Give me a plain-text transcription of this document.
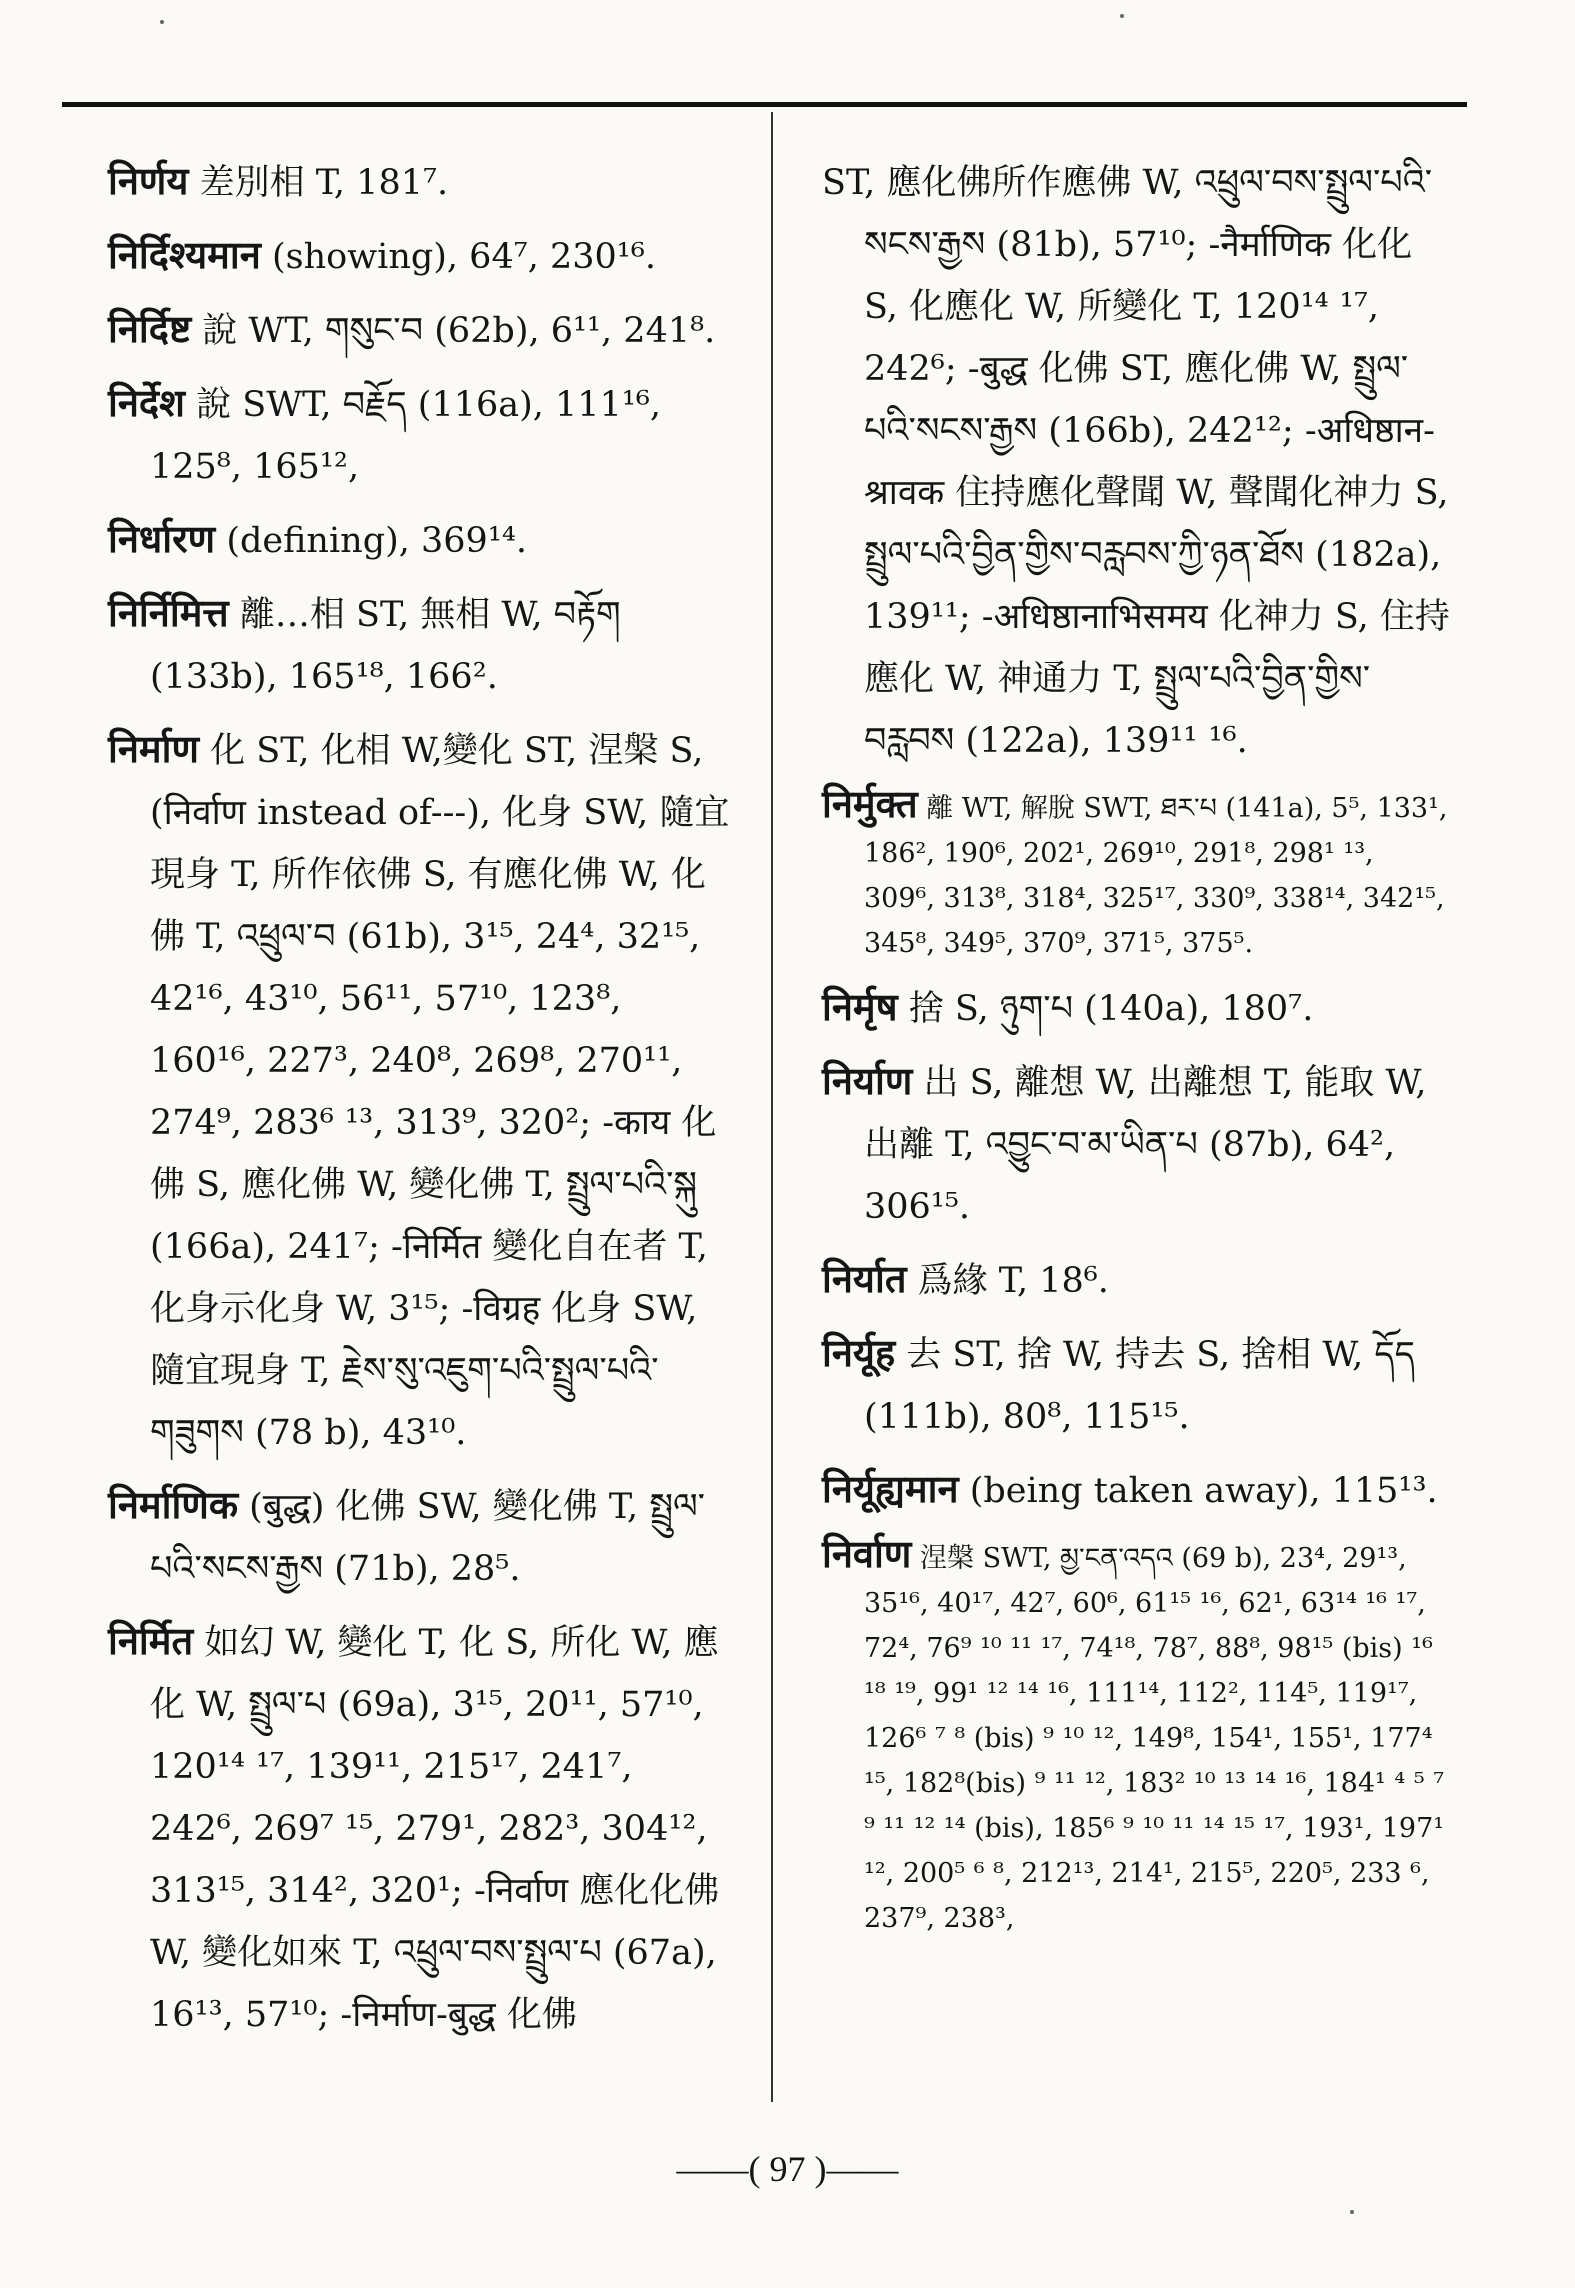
निर्णय 差別相 T, 181⁷.

निर्दिश्यमान (showing), 64⁷, 230¹⁶.

निर्दिष्ट 說 WT, གསུང་བ (62b), 6¹¹, 241⁸.

निर्देश 說 SWT, བརྗོད (116a), 111¹⁶, 125⁸, 165¹²,

निर्धारण (defining), 369¹⁴.

निर्निमित्त 離…相 ST, 無相 W, བརྟོག (133b), 165¹⁸, 166².

निर्माण 化 ST, 化相 W,變化 ST, 涅槃 S, (निर्वाण instead of---), 化身 SW, 隨宜現身 T, 所作依佛 S, 有應化佛 W, 化佛 T, འཕྲུལ་བ (61b), 3¹⁵, 24⁴, 32¹⁵, 42¹⁶, 43¹⁰, 56¹¹, 57¹⁰, 123⁸, 160¹⁶, 227³, 240⁸, 269⁸, 270¹¹, 274⁹, 283⁶ ¹³, 313⁹, 320²; -काय 化佛 S, 應化佛 W, 變化佛 T, སྤྲུལ་པའི་སྐུ (166a), 241⁷; -निर्मित 變化自在者 T, 化身示化身 W, 3¹⁵; -विग्रह 化身 SW, 隨宜現身 T, རྗེས་སུ་འཇུག་པའི་སྤྲུལ་པའི་གཟུགས (78 b), 43¹⁰.

निर्माणिक (बुद्ध) 化佛 SW, 變化佛 T, སྤྲུལ་པའི་སངས་རྒྱས (71b), 28⁵.

निर्मित 如幻 W, 變化 T, 化 S, 所化 W, 應化 W, སྤྲུལ་པ (69a), 3¹⁵, 20¹¹, 57¹⁰, 120¹⁴ ¹⁷, 139¹¹, 215¹⁷, 241⁷, 242⁶, 269⁷ ¹⁵, 279¹, 282³, 304¹², 313¹⁵, 314², 320¹; -निर्वाण 應化化佛 W, 變化如來 T, འཕྲུལ་བས་སྤྲུལ་པ (67a), 16¹³, 57¹⁰; -निर्माण-बुद्ध 化佛

ST, 應化佛所作應佛 W, འཕྲུལ་བས་སྤྲུལ་པའི་སངས་རྒྱས (81b), 57¹⁰; -नैर्माणिक 化化 S, 化應化 W, 所變化 T, 120¹⁴ ¹⁷, 242⁶; -बुद्ध 化佛 ST, 應化佛 W, སྤྲུལ་པའི་སངས་རྒྱས (166b), 242¹²; -अधिष्ठान-श्रावक 住持應化聲聞 W, 聲聞化神力 S, སྤྲུལ་པའི་བྱིན་གྱིས་བརླབས་ཀྱི་ཉན་ཐོས (182a), 139¹¹; -अधिष्ठानाभिसमय 化神力 S, 住持應化 W, 神通力 T, སྤྲུལ་པའི་བྱིན་གྱིས་བརླབས (122a), 139¹¹ ¹⁶.

निर्मुक्त 離 WT, 解脫 SWT, ཐར་པ (141a), 5⁵, 133¹, 186², 190⁶, 202¹, 269¹⁰, 291⁸, 298¹ ¹³, 309⁶, 313⁸, 318⁴, 325¹⁷, 330⁹, 338¹⁴, 342¹⁵, 345⁸, 349⁵, 370⁹, 371⁵, 375⁵.

निर्मृष 捨 S, ཉུག་པ (140a), 180⁷.

निर्याण 出 S, 離想 W, 出離想 T, 能取 W, 出離 T, འབྱུང་བ་མ་ཡིན་པ (87b), 64², 306¹⁵.

निर्यात 爲緣 T, 18⁶.

निर्यूह 去 ST, 捨 W, 持去 S, 捨相 W, དོད (111b), 80⁸, 115¹⁵.

निर्यूह्यमान (being taken away), 115¹³.

निर्वाण 涅槃 SWT, མྱ་ངན་འདའ (69 b), 23⁴, 29¹³, 35¹⁶, 40¹⁷, 42⁷, 60⁶, 61¹⁵ ¹⁶, 62¹, 63¹⁴ ¹⁶ ¹⁷, 72⁴, 76⁹ ¹⁰ ¹¹ ¹⁷, 74¹⁸, 78⁷, 88⁸, 98¹⁵ (bis) ¹⁶ ¹⁸ ¹⁹, 99¹ ¹² ¹⁴ ¹⁶, 111¹⁴, 112², 114⁵, 119¹⁷, 126⁶ ⁷ ⁸ (bis) ⁹ ¹⁰ ¹², 149⁸, 154¹, 155¹, 177⁴ ¹⁵, 182⁸(bis) ⁹ ¹¹ ¹², 183² ¹⁰ ¹³ ¹⁴ ¹⁶, 184¹ ⁴ ⁵ ⁷ ⁹ ¹¹ ¹² ¹⁴ (bis), 185⁶ ⁹ ¹⁰ ¹¹ ¹⁴ ¹⁵ ¹⁷, 193¹, 197¹ ¹², 200⁵ ⁶ ⁸, 212¹³, 214¹, 215⁵, 220⁵, 233 ⁶, 237⁹, 238³,

——( 97 )——
